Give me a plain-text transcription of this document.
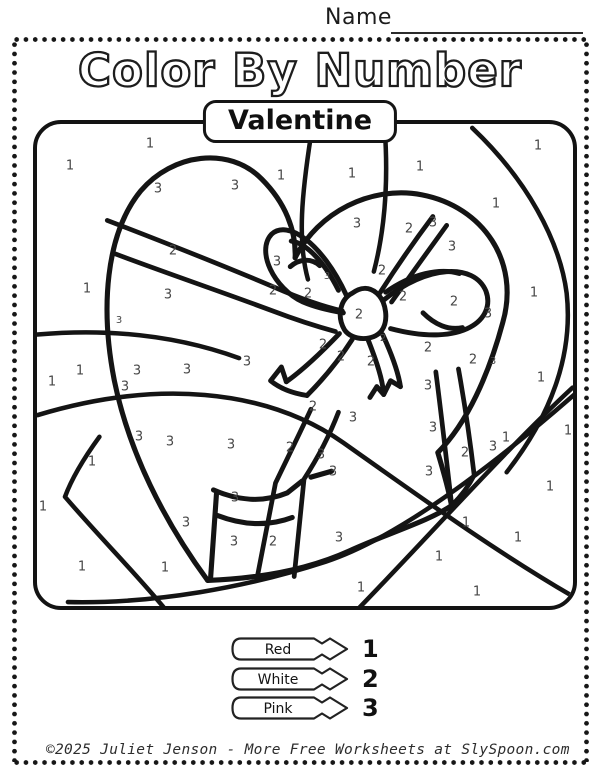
Name
Color By Number
Valentine
1
1
3	3
1	1	1
1
1
3	2 3
3
2
3
2
1	3	2 2
3
2	2
3
1
2
3
2
2
2 2
2
2 3
3
1
1
3
3
3
3
2
3
3
1
1	1
3 3	3	2 3
1
3	3
2 3
1
3
3
3 2	3
1
1
1
1
1	1
1	1
Red	1
White	2
Pink	3
©2025 Juliet Jenson - More Free Worksheets at SlySpoon.com
